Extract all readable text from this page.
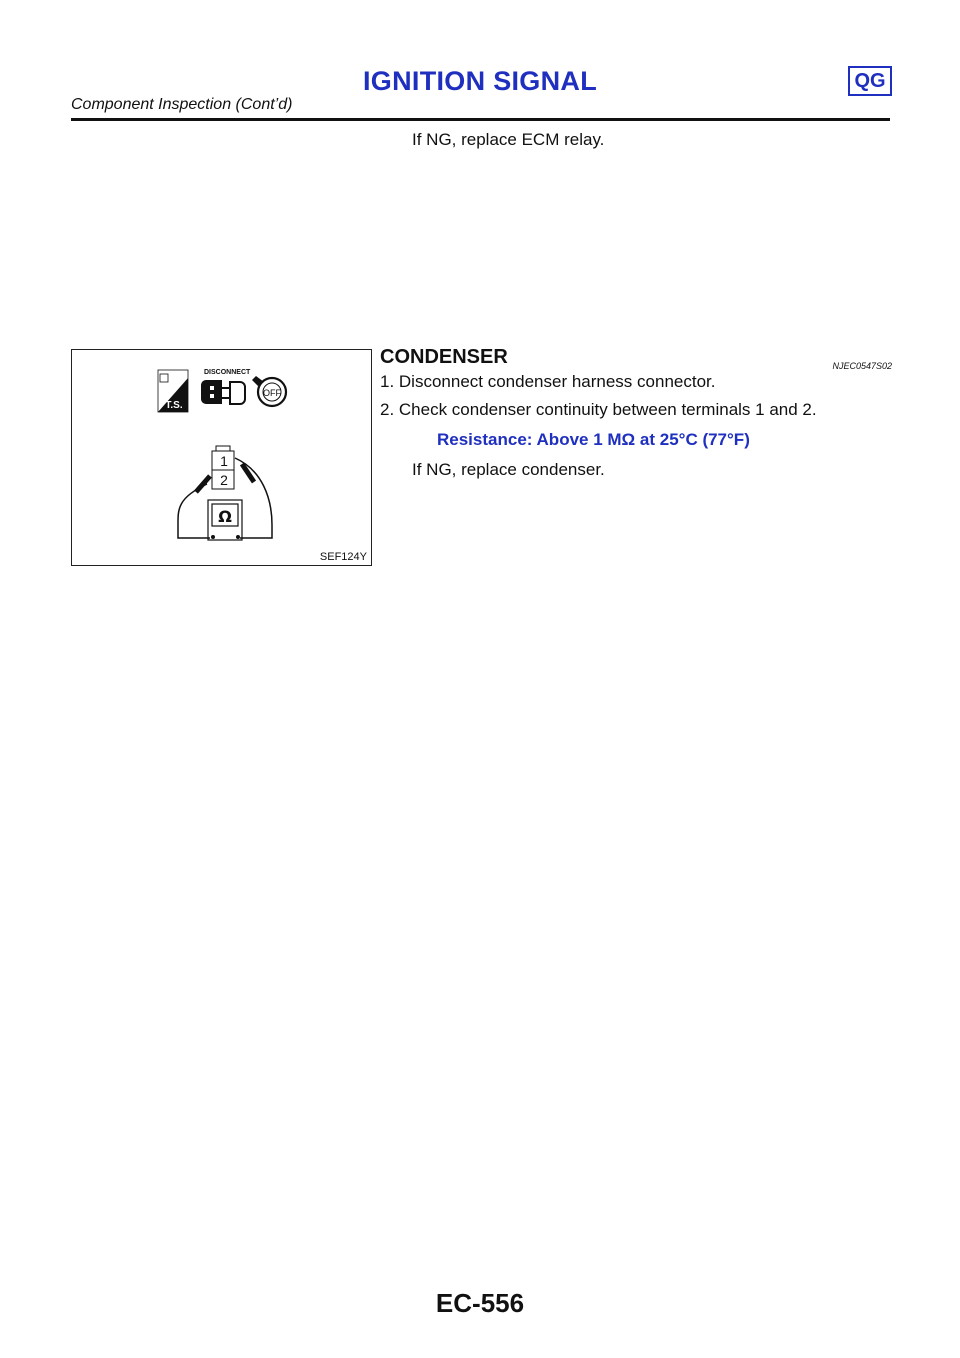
IGNITION SIGNAL	QG
Component Inspection (Cont’d)
If NG, replace ECM relay.
T.S.
DISCONNECT
OFF
1
2
Ω
SEF124Y
CONDENSER	NJEC0547S02
1. Disconnect condenser harness connector.
2. Check condenser continuity between terminals 1 and 2.
Resistance: Above 1 MΩ at 25°C (77°F)
If NG, replace condenser.
EC-556
